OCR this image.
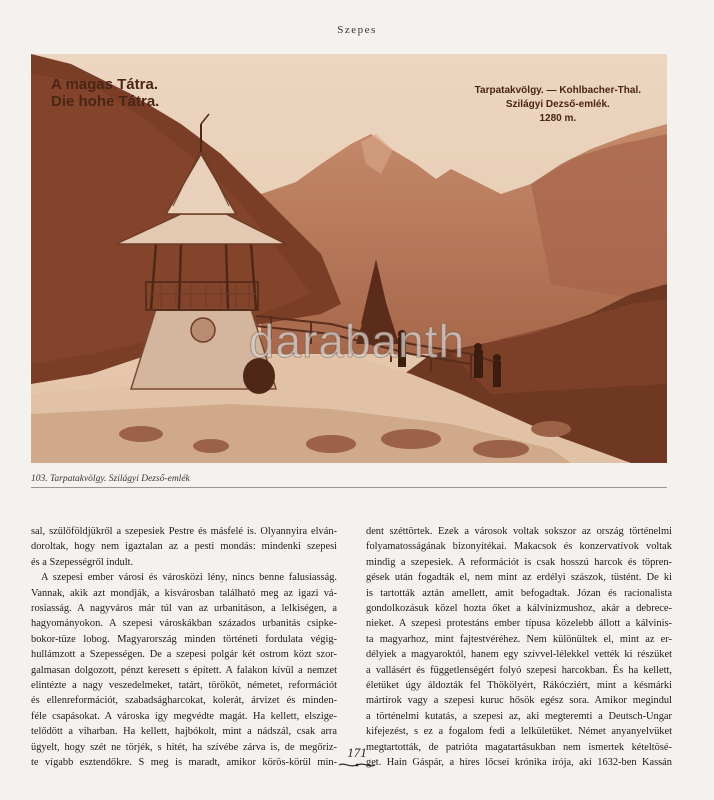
Szepes
A magas Tátra.
Die hohe Tátra.
Tarpatakvölgy. — Kohlbacher-Thal.
Szilágyi Dezső-emlék.
1280 m.
darabanth
103. Tarpatakvölgy. Szilágyi Dezső-emlék
sal, szülőföldjükről a szepesiek Pestre és másfelé is. Olyannyira elván-
doroltak, hogy nem igaztalan az a pesti mondás: mindenki szepesi
és a Szepességről indult.
A szepesi ember városi és városközi lény, nincs benne falusiasság.
Vannak, akik azt mondják, a kisvárosban található meg az igazi vá-
rosiasság. A nagyváros már túl van az urbanitáson, a lelkiségen, a
hagyományokon. A szepesi városkákban százados urbanitás csipke-
bokor-tüze lobog. Magyarország minden történeti fordulata végig-
hullámzott a Szepességen. De a szepesi polgár két ostrom közt szor-
galmasan dolgozott, pénzt keresett s épített. A falakon kívül a nemzet
elintézte a nagy veszedelmeket, tatárt, törököt, németet, reformációt
és ellenreformációt, szabadságharcokat, kolerát, árvizet és minden-
féle csapásokat. A városka így megvédte magát. Ha kellett, elszige-
telődött a viharban. Ha kellett, hajbókolt, mint a nádszál, csak arra
ügyelt, hogy szét ne törjék, s hitét, ha szívébe zárva is, de megőriz-
te vígabb esztendőkre. S meg is maradt, amikor körös-körül min-
dent széttörtek. Ezek a városok voltak sokszor az ország történelmi
folyamatosságának bizonyítékai. Makacsok és konzervatívok voltak
mindig a szepesiek. A reformációt is csak hosszú harcok és töpren-
gések után fogadták el, nem mint az erdélyi szászok, tüstént. De ki
is tartották aztán amellett, amit befogadtak. Józan és racionalista
gondolkozásuk közel hozta őket a kálvinizmushoz, akár a debrece-
nieket. A szepesi protestáns ember típusa közelebb állott a kálvinis-
ta magyarhoz, mint fajtestvéréhez. Nem különültek el, mint az er-
délyiek a magyaroktól, hanem egy szívvel-lélekkel vették ki részüket
a vallásért és függetlenségért folyó szepesi harcokban. És ha kellett,
életüket úgy áldozták fel Thökölyért, Rákócziért, mint a késmárki
mártírok vagy a szepesi kuruc hősök egész sora. Amikor megindul
a történelmi kutatás, a szepesi az, aki megteremti a Deutsch-Ungar
kifejezést, s ez a fogalom fedi a lelkületüket. Német anyanyelvüket
megtartották, de patrióta magatartásukban nem ismertek kételtösé-
get. Hain Gáspár, a híres lőcsei krónika írója, aki 1632-ben Kassán
171
